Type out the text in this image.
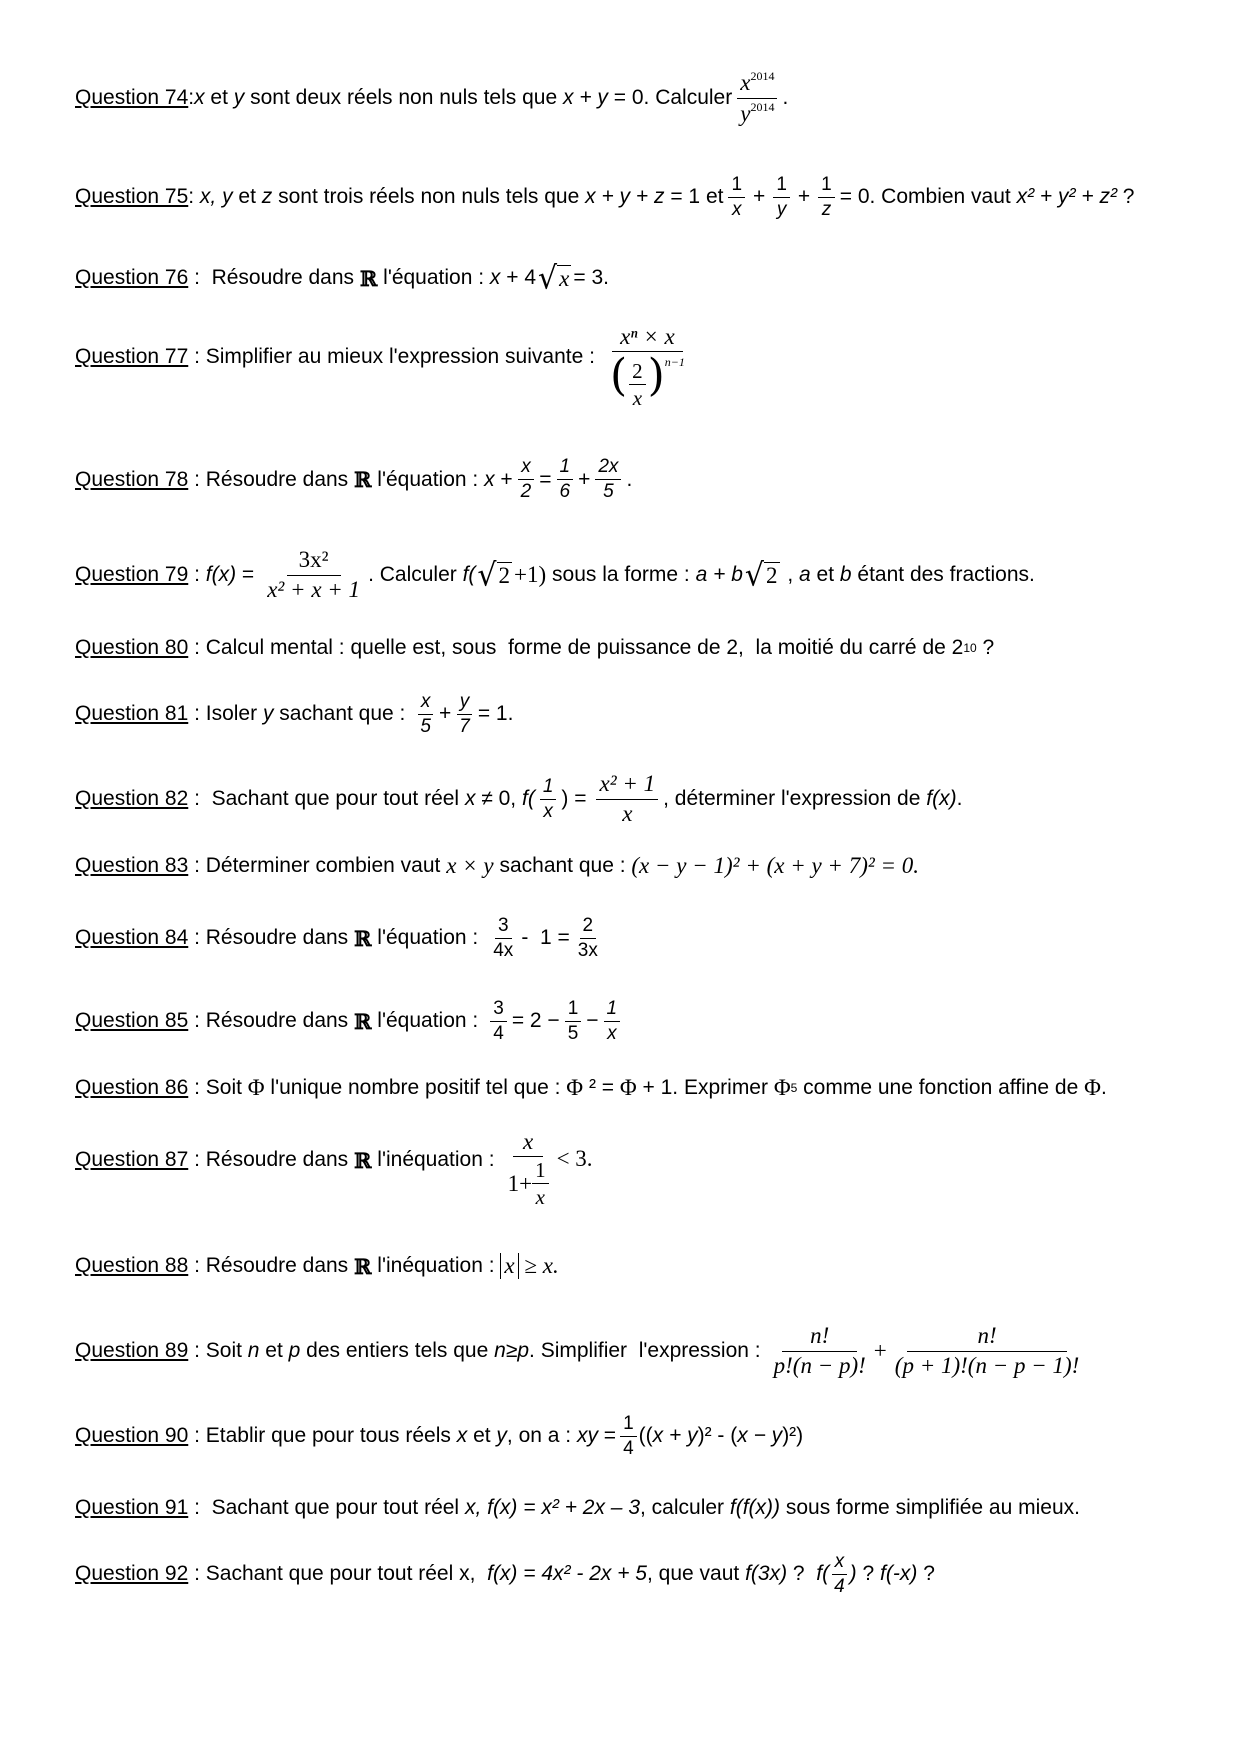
Question 74 : x et y sont deux réels non nuls tels que x + y = 0. Calculer
$x^{2014}$
$y^{2014}$ .
Question 75 : x, y et z sont trois réels non nuls tels que x + y + z = 1 et
1
x
+ $\frac{1}{y} + \frac{1}{z} = 0$. Combien vaut x² + y² + z² ?
Question 76 :  Résoudre dans ℝ l'équation : x + 4 √ x = 3.
Question 77 : Simplifier au mieux l'expression suivante :
xⁿ × x
( 2
x ) $^{n-1}$
Question 78 : Résoudre dans ℝ l'équation : $x + \frac{x}{2} = \frac{1}{6} + \frac{2x}{5}$ .
Question 79 : $f(x) = \frac{\text{3x²}}{\text{x² + x + 1}}$ . Calculer f( √ 2 +1) sous la forme : a + b √ 2 , a et b étant des fractions.
Question 80 : Calcul mental : quelle est, sous  forme de puissance de 2,  la moitié du carré de 2 10 ?
Question 81 : Isoler y sachant que :
x
5
+ $\frac{y}{7} = 1$.
Question 82 :  Sachant que pour tout réel x ≠ 0, f(
1
x
) = $\frac{\text{x² + 1}}{x}$ , déterminer l'expression de f(x) .
Question 83 : Déterminer combien vaut x × y sachant que : (x − y − 1)² + (x + y + 7)² = 0.
Question 84 : Résoudre dans ℝ l'équation :
3
4x
-  $1 = \frac{2}{3x}$
Question 85 : Résoudre dans ℝ l'équation : $\frac{3}{4} = 2 - \frac{1}{5} - \frac{1}{x}$
Question 86 : Soit Φ l'unique nombre positif tel que : Φ ² = Φ + 1. Exprimer Φ 5 comme une fonction affine de Φ .
Question 87 : Résoudre dans ℝ l'inéquation :
x
$1+ \frac{1}{x}$
< 3.
Question 88 : Résoudre dans ℝ l'inéquation : x ≥ x.
Question 89 : Soit n et p des entiers tels que n ≥ p . Simplifier  l'expression :
n!
p!(n − p)!
+ $\frac{n!}{(p + 1)!(n - p - 1)!}$
Question 90 : Etablir que pour tous réels x et y , on a : xy = $\frac{1}{4}$ (( x + y )² - ( x − y )²)
Question 91 :  Sachant que pour tout réel x, f(x) = x² + 2x – 3 , calculer f(f(x)) sous forme simplifiée au mieux.
Question 92 : Sachant que pour tout réel x, f(x) = 4x² - 2x + 5 , que vaut f(3x) ? f(
x
4
) ? f(-x) ?
